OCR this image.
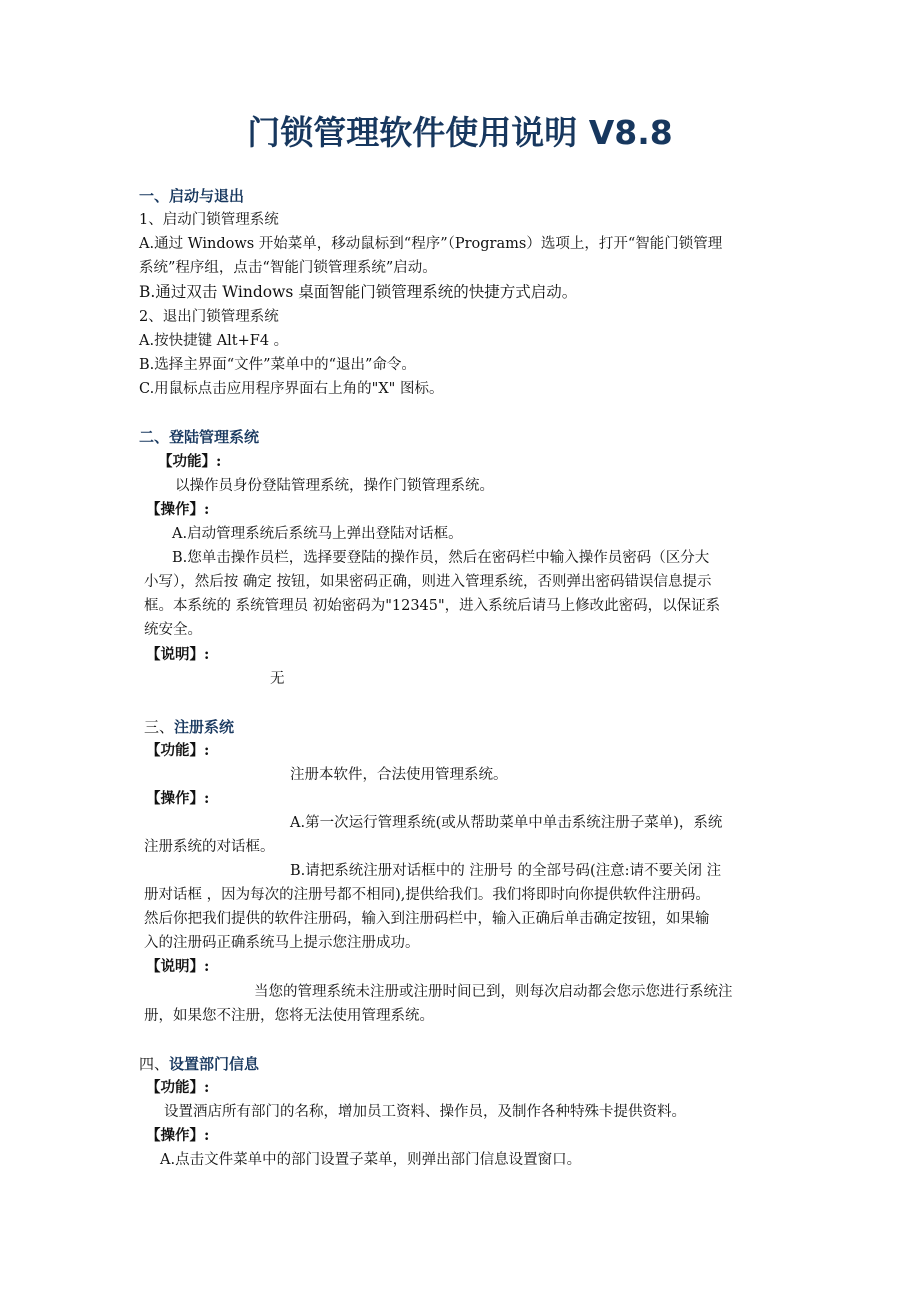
门锁管理软件使用说明 V8.8
一、启动与退出
1、启动门锁管理系统
A.通过 Windows 开始菜单，移动鼠标到“程序”（Programs）选项上，打开“智能门锁管理
系统”程序组，点击“智能门锁管理系统”启动。
B.通过双击 Windows 桌面智能门锁管理系统的快捷方式启动。
2、退出门锁管理系统
A.按快捷键 Alt+F4 。
B.选择主界面“文件”菜单中的“退出”命令。
C.用鼠标点击应用程序界面右上角的"X" 图标。
二、登陆管理系统
【功能】:
以操作员身份登陆管理系统，操作门锁管理系统。
【操作】:
A.启动管理系统后系统马上弹出登陆对话框。
B.您单击操作员栏，选择要登陆的操作员，然后在密码栏中输入操作员密码（区分大
小写），然后按 确定 按钮，如果密码正确，则进入管理系统，否则弹出密码错误信息提示
框。本系统的 系统管理员 初始密码为"12345"，进入系统后请马上修改此密码，以保证系
统安全。
【说明】:
无
三、注册系统
【功能】:
注册本软件，合法使用管理系统。
【操作】:
A.第一次运行管理系统(或从帮助菜单中单击系统注册子菜单)，系统
注册系统的对话框。
B.请把系统注册对话框中的 注册号 的全部号码(注意:请不要关闭 注
册对话框 ，因为每次的注册号都不相同),提供给我们。我们将即时向你提供软件注册码。
然后你把我们提供的软件注册码，输入到注册码栏中，输入正确后单击确定按钮，如果输
入的注册码正确系统马上提示您注册成功。
【说明】:
当您的管理系统未注册或注册时间已到，则每次启动都会您示您进行系统注
册，如果您不注册，您将无法使用管理系统。
四、设置部门信息
【功能】:
设置酒店所有部门的名称，增加员工资料、操作员，及制作各种特殊卡提供资料。
【操作】:
A.点击文件菜单中的部门设置子菜单，则弹出部门信息设置窗口。
